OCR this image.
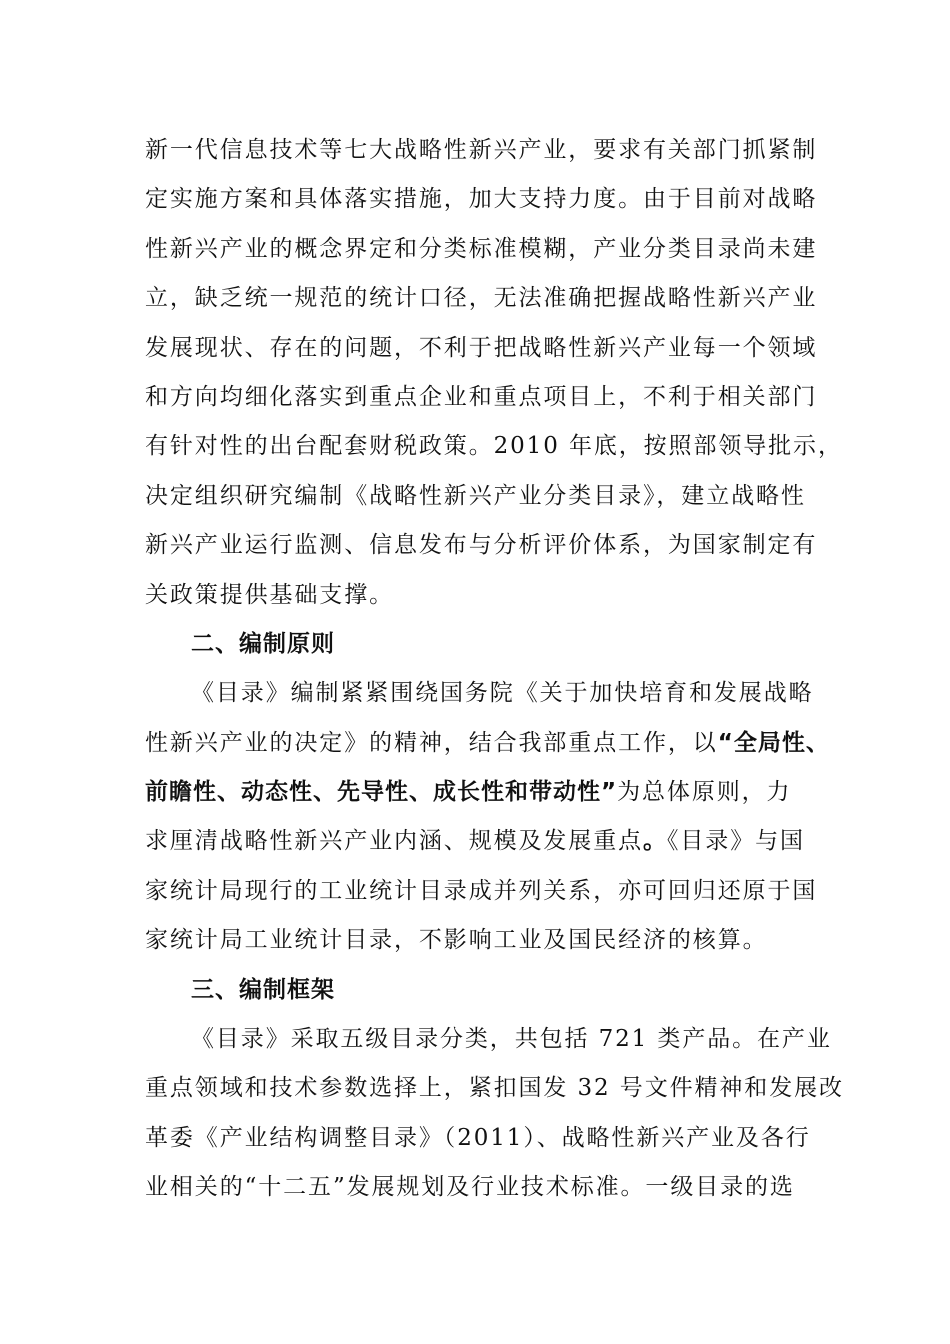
新一代信息技术等七大战略性新兴产业，要求有关部门抓紧制
定实施方案和具体落实措施，加大支持力度。由于目前对战略
性新兴产业的概念界定和分类标准模糊，产业分类目录尚未建
立，缺乏统一规范的统计口径，无法准确把握战略性新兴产业
发展现状、存在的问题，不利于把战略性新兴产业每一个领域
和方向均细化落实到重点企业和重点项目上，不利于相关部门
有针对性的出台配套财税政策。2010 年底，按照部领导批示，
决定组织研究编制《战略性新兴产业分类目录》，建立战略性
新兴产业运行监测、信息发布与分析评价体系，为国家制定有
关政策提供基础支撑。
二、编制原则
《目录》编制紧紧围绕国务院《关于加快培育和发展战略
性新兴产业的决定》的精神，结合我部重点工作，以“全局性、
前瞻性、动态性、先导性、成长性和带动性”为总体原则，力
求厘清战略性新兴产业内涵、规模及发展重点。《目录》与国
家统计局现行的工业统计目录成并列关系，亦可回归还原于国
家统计局工业统计目录，不影响工业及国民经济的核算。
三、编制框架
《目录》采取五级目录分类，共包括 721 类产品。在产业
重点领域和技术参数选择上，紧扣国发 32 号文件精神和发展改
革委《产业结构调整目录》（2011）、战略性新兴产业及各行
业相关的“十二五”发展规划及行业技术标准。一级目录的选
